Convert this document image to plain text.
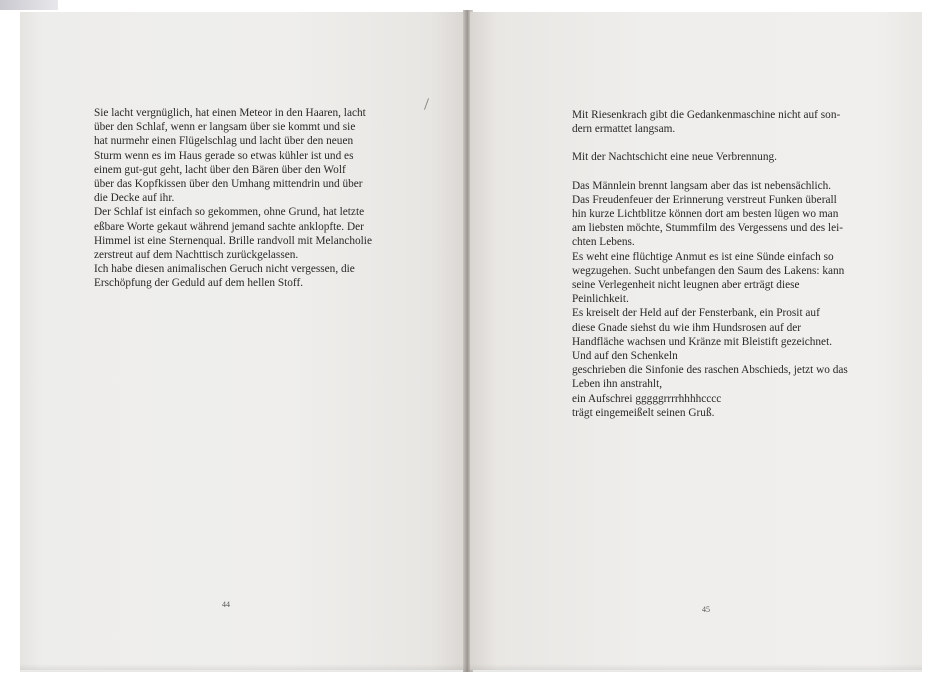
Sie lacht vergnüglich, hat einen Meteor in den Haaren, lacht
über den Schlaf, wenn er langsam über sie kommt und sie
hat nurmehr einen Flügelschlag und lacht über den neuen
Sturm wenn es im Haus gerade so etwas kühler ist und es
einem gut-gut geht, lacht über den Bären über den Wolf
über das Kopfkissen über den Umhang mittendrin und über
die Decke auf ihr.
Der Schlaf ist einfach so gekommen, ohne Grund, hat letzte
eßbare Worte gekaut während jemand sachte anklopfte. Der
Himmel ist eine Sternenqual. Brille randvoll mit Melancholie
zerstreut auf dem Nachttisch zurückgelassen.
Ich habe diesen animalischen Geruch nicht vergessen, die
Erschöpfung der Geduld auf dem hellen Stoff.
44
Mit Riesenkrach gibt die Gedankenmaschine nicht auf son-
dern ermattet langsam.
Mit der Nachtschicht eine neue Verbrennung.
Das Männlein brennt langsam aber das ist nebensächlich.
Das Freudenfeuer der Erinnerung verstreut Funken überall
hin kurze Lichtblitze können dort am besten lügen wo man
am liebsten möchte, Stummfilm des Vergessens und des lei-
chten Lebens.
Es weht eine flüchtige Anmut es ist eine Sünde einfach so
wegzugehen. Sucht unbefangen den Saum des Lakens: kann
seine Verlegenheit nicht leugnen aber erträgt diese
Peinlichkeit.
Es kreiselt der Held auf der Fensterbank, ein Prosit auf
diese Gnade siehst du wie ihm Hundsrosen auf der
Handfläche wachsen und Kränze mit Bleistift gezeichnet.
Und auf den Schenkeln
geschrieben die Sinfonie des raschen Abschieds, jetzt wo das
Leben ihn anstrahlt,
ein Aufschrei gggggrrrrhhhhcccc
trägt eingemeißelt seinen Gruß.
45
